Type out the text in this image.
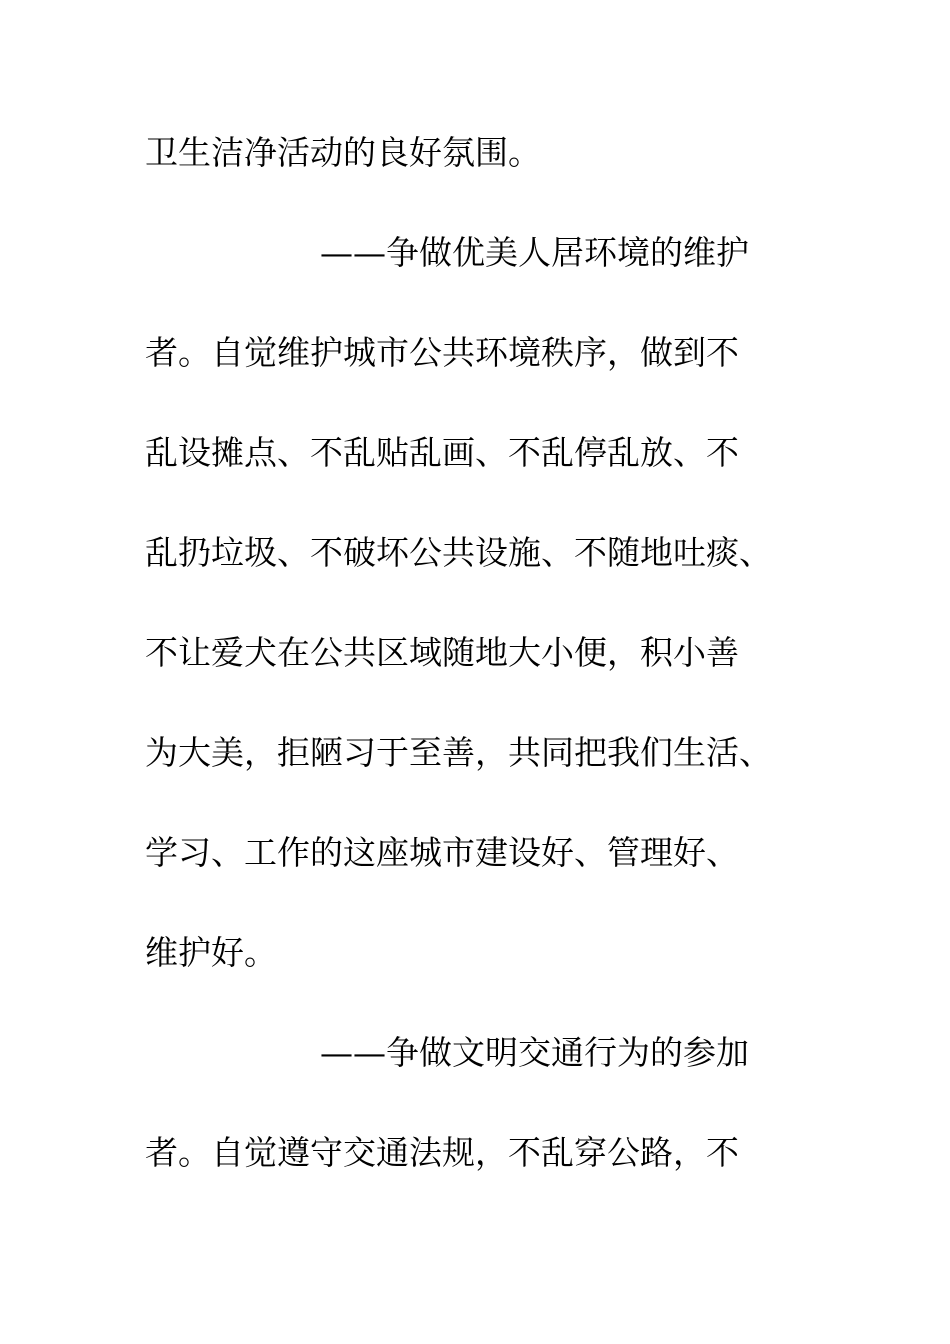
卫生洁净活动的良好氛围。
——争做优美人居环境的维护
者。自觉维护城市公共环境秩序，做到不
乱设摊点、不乱贴乱画、不乱停乱放、不
乱扔垃圾、不破坏公共设施、不随地吐痰、
不让爱犬在公共区域随地大小便，积小善
为大美，拒陋习于至善，共同把我们生活、
学习、工作的这座城市建设好、管理好、
维护好。
——争做文明交通行为的参加
者。自觉遵守交通法规，不乱穿公路，不
